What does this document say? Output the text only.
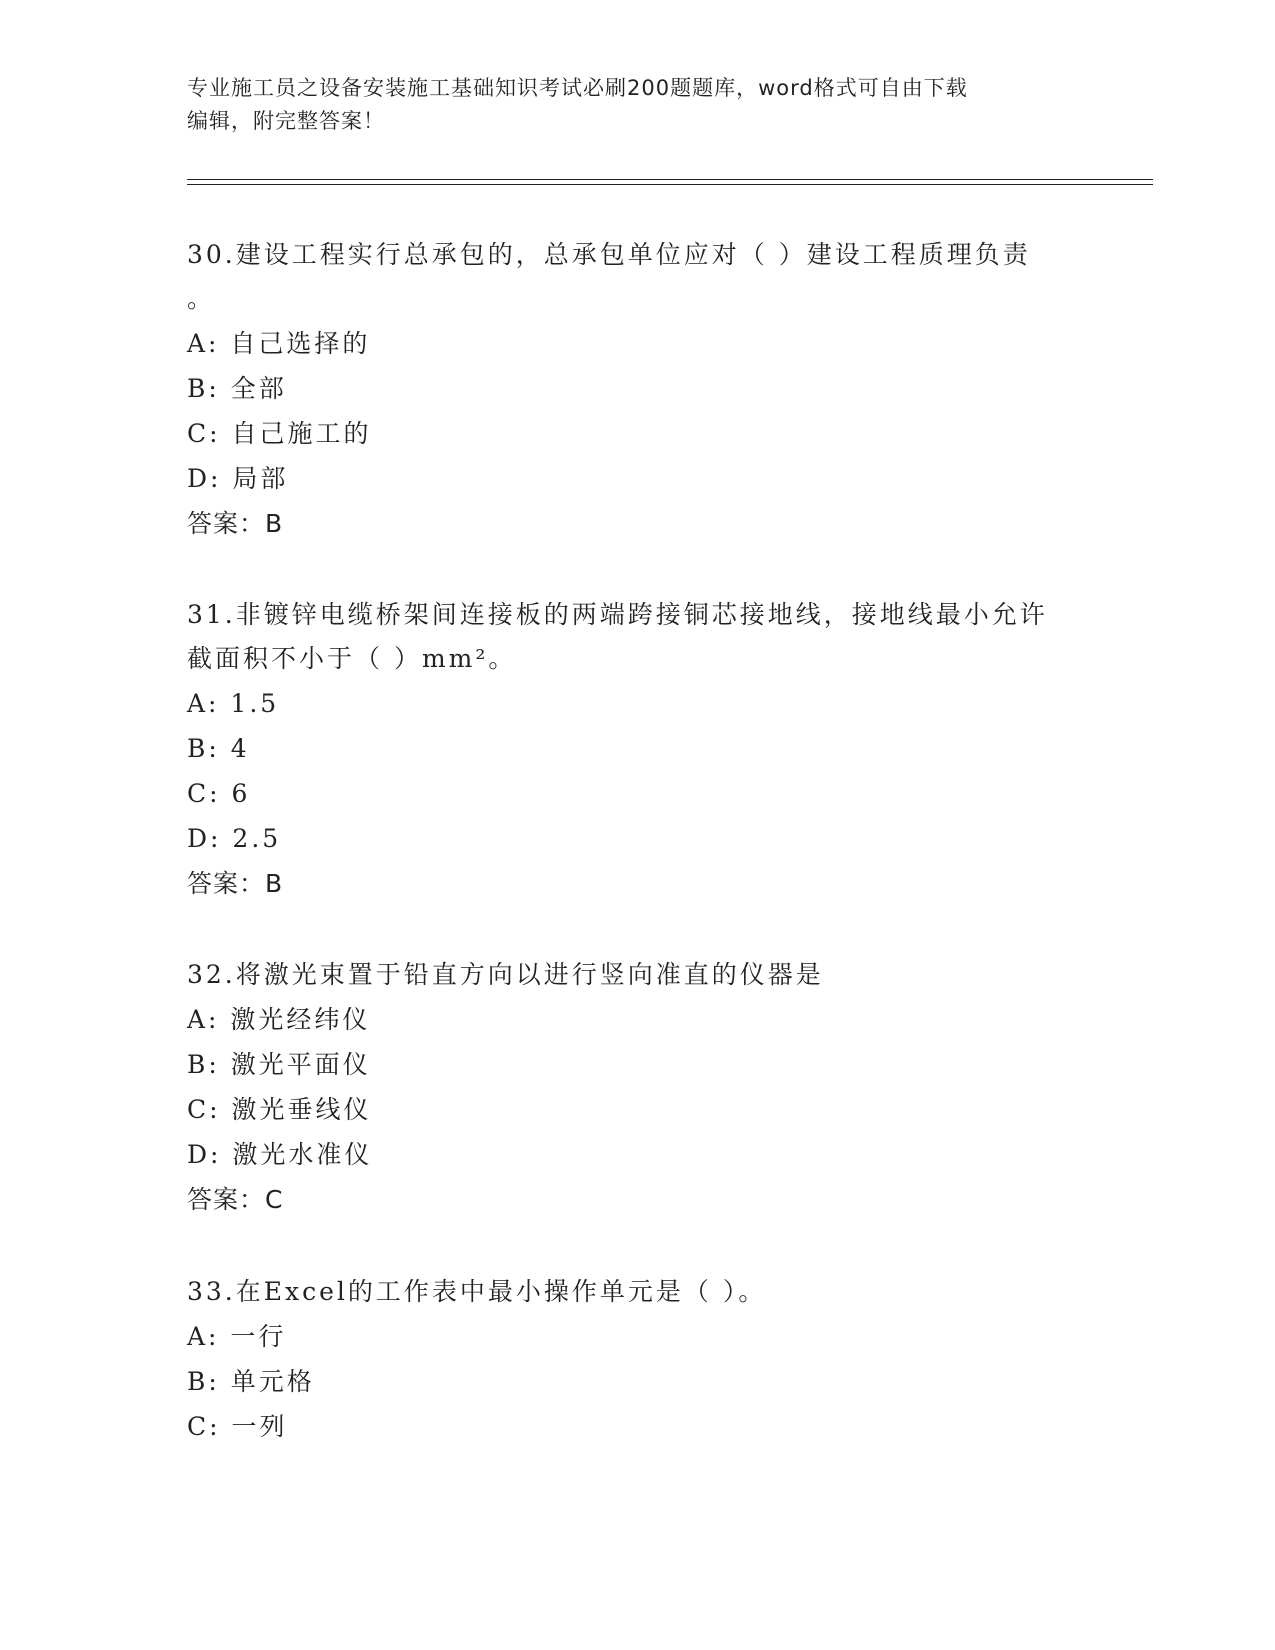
专业施工员之设备安装施工基础知识考试必刷200题题库，word格式可自由下载
编辑，附完整答案！
30.建设工程实行总承包的，总承包单位应对（ ）建设工程质理负责
。
A: 自己选择的
B: 全部
C: 自己施工的
D: 局部
答案：B
31.非镀锌电缆桥架间连接板的两端跨接铜芯接地线，接地线最小允许
截面积不小于（ ）mm²。
A: 1.5
B: 4
C: 6
D: 2.5
答案：B
32.将激光束置于铅直方向以进行竖向准直的仪器是
A: 激光经纬仪
B: 激光平面仪
C: 激光垂线仪
D: 激光水准仪
答案：C
33.在Excel的工作表中最小操作单元是（ ）。
A: 一行
B: 单元格
C: 一列
